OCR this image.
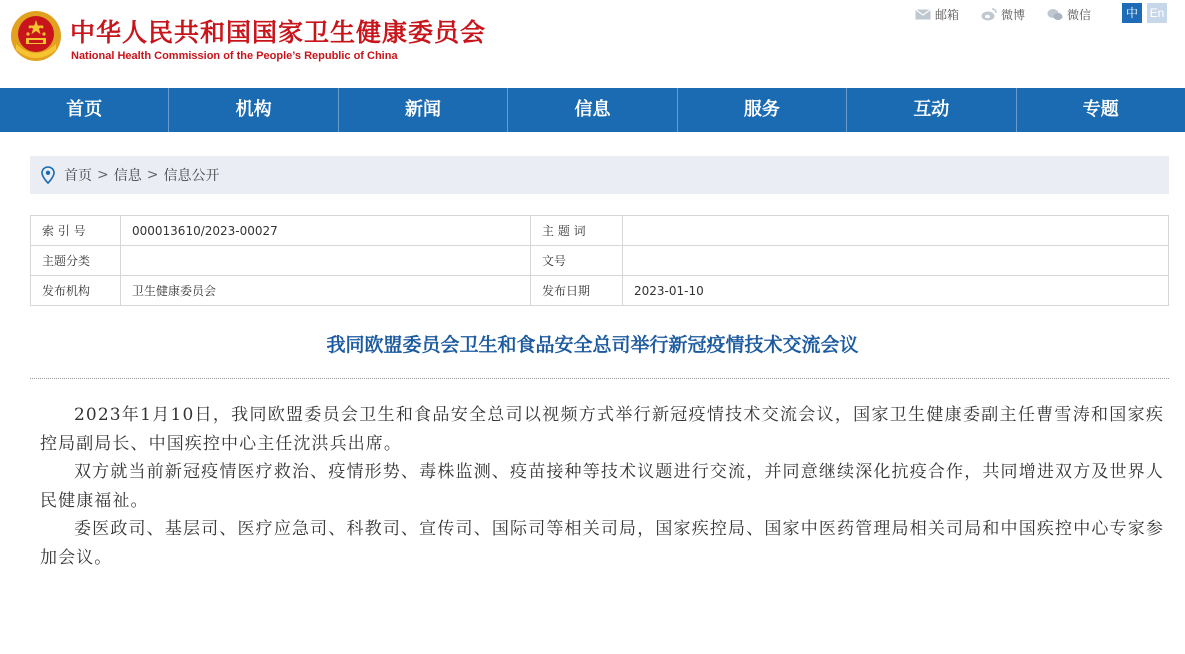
中华人民共和国国家卫生健康委员会
National Health Commission of the People’s Republic of China
邮箱	微博	微信	中 En
首页	机构	新闻	信息	服务	互动	专题
首页 > 信息 > 信息公开
索 引 号	000013610/2023-00027	主 题 词	
主题分类		文号	
发布机构	卫生健康委员会	发布日期	2023-01-10
我同欧盟委员会卫生和食品安全总司举行新冠疫情技术交流会议

2023年1月10日，我同欧盟委员会卫生和食品安全总司以视频方式举行新冠疫情技术交流会议，国家卫生健康委副主任曹雪涛和国家疾控局副局长、中国疾控中心主任沈洪兵出席。

双方就当前新冠疫情医疗救治、疫情形势、毒株监测、疫苗接种等技术议题进行交流，并同意继续深化抗疫合作，共同增进双方及世界人民健康福祉。

委医政司、基层司、医疗应急司、科教司、宣传司、国际司等相关司局，国家疾控局、国家中医药管理局相关司局和中国疾控中心专家参加会议。
